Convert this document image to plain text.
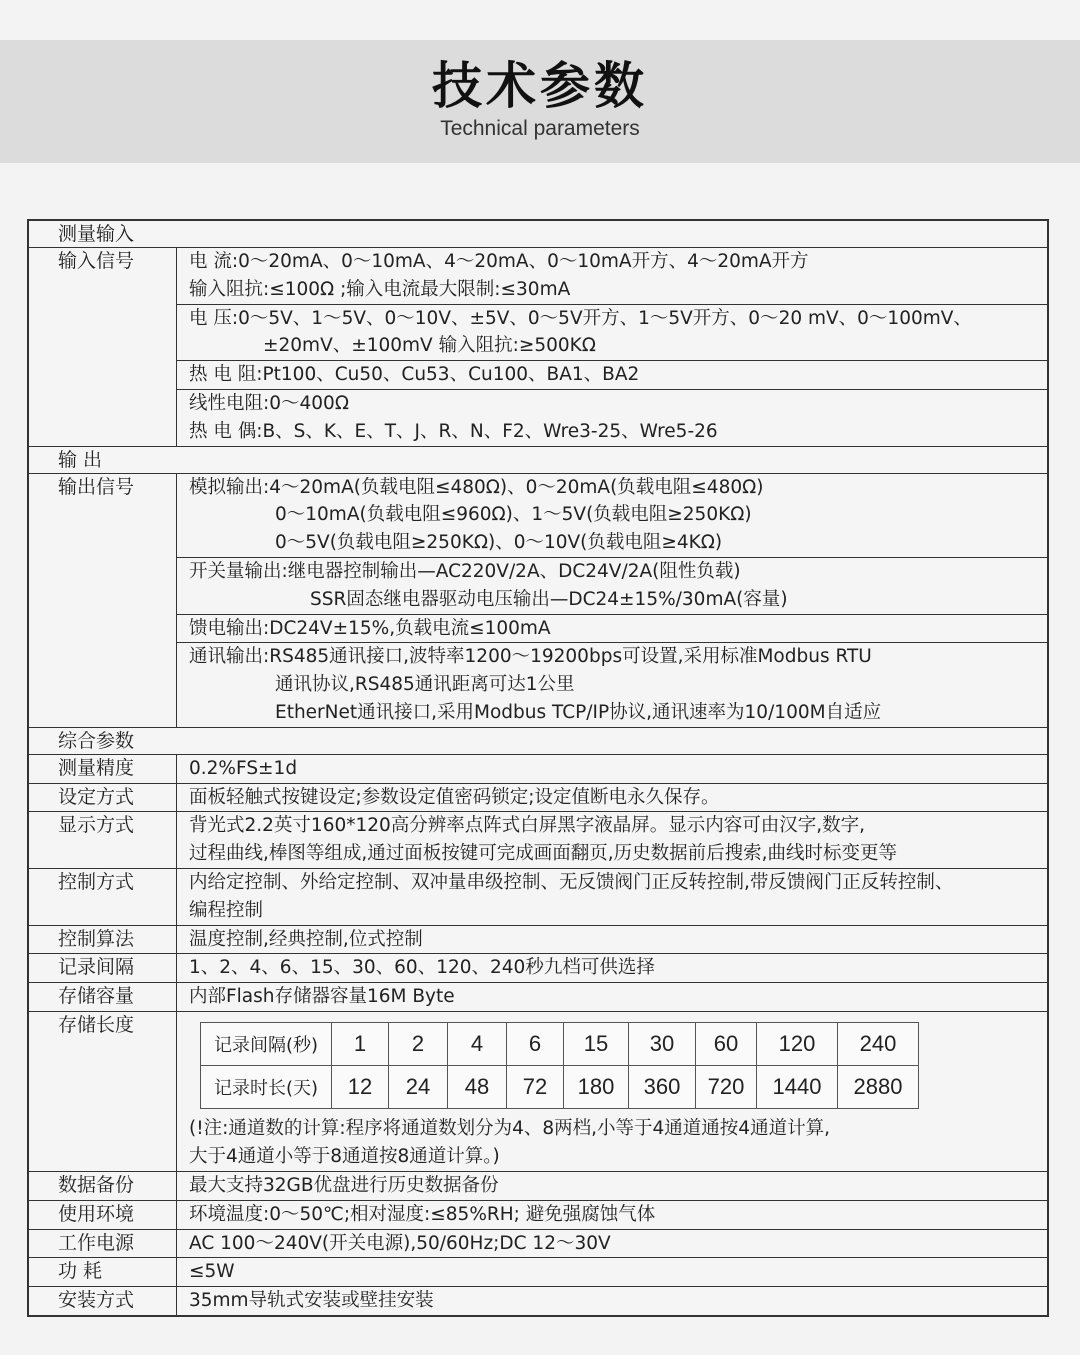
技术参数
Technical parameters
测量输入
输入信号	电 流:0～20mA、0～10mA、4～20mA、0～10mA开方、4～20mA开方
输入阻抗:≤100Ω ;输入电流最大限制:≤30mA
电 压:0～5V、1～5V、0～10V、±5V、0～5V开方、1～5V开方、0～20 mV、0～100mV、
±20mV、±100mV 输入阻抗:≥500KΩ
热 电 阻:Pt100、Cu50、Cu53、Cu100、BA1、BA2
线性电阻:0～400Ω
热 电 偶:B、S、K、E、T、J、R、N、F2、Wre3-25、Wre5-26
输 出
输出信号	模拟输出:4～20mA(负载电阻≤480Ω)、0～20mA(负载电阻≤480Ω)
0～10mA(负载电阻≤960Ω)、1～5V(负载电阻≥250KΩ)
0～5V(负载电阻≥250KΩ)、0～10V(负载电阻≥4KΩ)
开关量输出:继电器控制输出—AC220V/2A、DC24V/2A(阻性负载)
SSR固态继电器驱动电压输出—DC24±15%/30mA(容量)
馈电输出:DC24V±15%,负载电流≤100mA
通讯输出:RS485通讯接口,波特率1200～19200bps可设置,采用标准Modbus RTU
通讯协议,RS485通讯距离可达1公里
EtherNet通讯接口,采用Modbus TCP/IP协议,通讯速率为10/100M自适应
综合参数
测量精度	0.2%FS±1d
设定方式	面板轻触式按键设定;参数设定值密码锁定;设定值断电永久保存。
显示方式	背光式2.2英寸160*120高分辨率点阵式白屏黑字液晶屏。显示内容可由汉字,数字,
过程曲线,棒图等组成,通过面板按键可完成画面翻页,历史数据前后搜索,曲线时标变更等
控制方式	内给定控制、外给定控制、双冲量串级控制、无反馈阀门正反转控制,带反馈阀门正反转控制、
编程控制
控制算法	温度控制,经典控制,位式控制
记录间隔	1、2、4、6、15、30、60、120、240秒九档可供选择
存储容量	内部Flash存储器容量16M Byte
存储长度
记录间隔(秒)	1	2	4	6	15	30	60	120	240
记录时长(天)	12	24	48	72	180	360	720	1440	2880
(!注:通道数的计算:程序将通道数划分为4、8两档,小等于4通道通按4通道计算,
大于4通道小等于8通道按8通道计算。)
数据备份	最大支持32GB优盘进行历史数据备份
使用环境	环境温度:0～50℃;相对湿度:≤85%RH; 避免强腐蚀气体
工作电源	AC 100～240V(开关电源),50/60Hz;DC 12～30V
功 耗	≤5W
安装方式	35mm导轨式安装或壁挂安装
